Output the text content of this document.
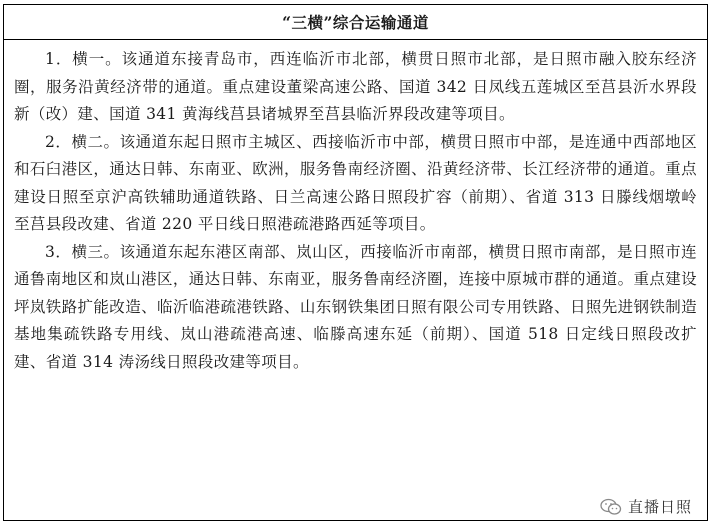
“三横”综合运输通道

1．横一。该通道东接青岛市，西连临沂市北部，横贯日照市北部，是日照市融入胶东经济圈，服务沿黄经济带的通道。重点建设董梁高速公路、国道 342 日凤线五莲城区至莒县沂水界段新（改）建、国道 341 黄海线莒县诸城界至莒县临沂界段改建等项目。

2．横二。该通道东起日照市主城区、西接临沂市中部，横贯日照市中部，是连通中西部地区和石臼港区，通达日韩、东南亚、欧洲，服务鲁南经济圈、沿黄经济带、长江经济带的通道。重点建设日照至京沪高铁辅助通道铁路、日兰高速公路日照段扩容（前期）、省道 313 日滕线烟墩岭至莒县段改建、省道 220 平日线日照港疏港路西延等项目。

3．横三。该通道东起东港区南部、岚山区，西接临沂市南部，横贯日照市南部，是日照市连通鲁南地区和岚山港区，通达日韩、东南亚，服务鲁南经济圈，连接中原城市群的通道。重点建设坪岚铁路扩能改造、临沂临港疏港铁路、山东钢铁集团日照有限公司专用铁路、日照先进钢铁制造基地集疏铁路专用线、岚山港疏港高速、临滕高速东延（前期）、国道 518 日定线日照段改扩建、省道 314 涛汤线日照段改建等项目。

直播日照
